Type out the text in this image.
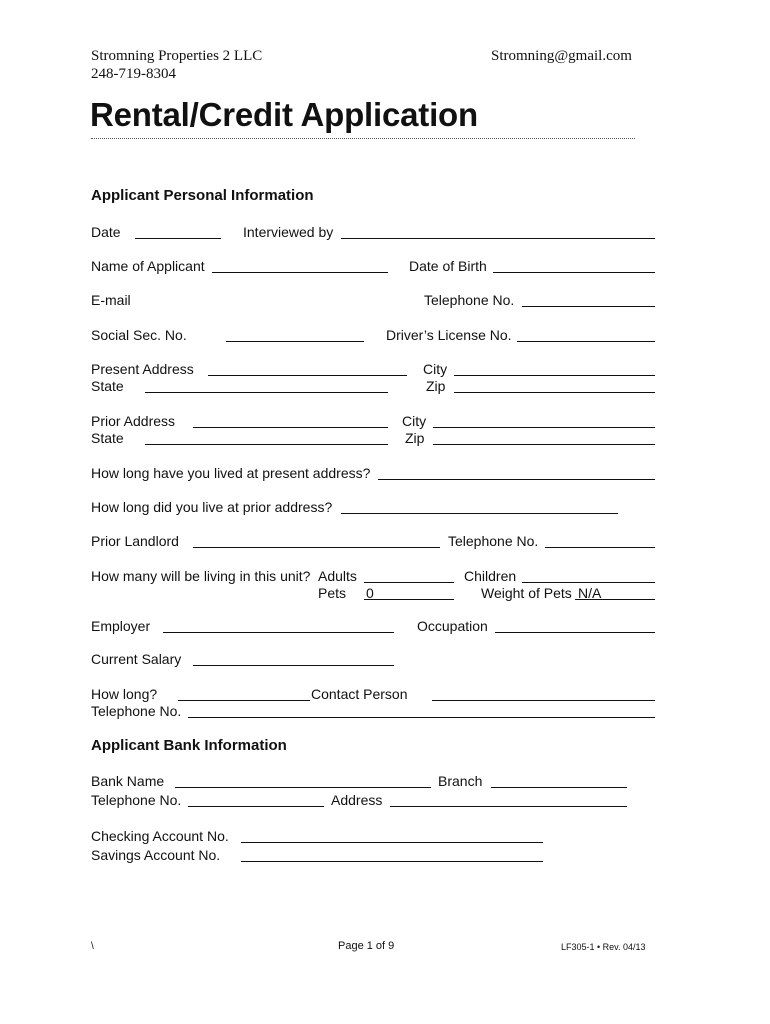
Stromning Properties 2 LLC
248-719-8304
Stromning@gmail.com
Rental/Credit Application
Applicant Personal Information
Date	Interviewed by
Name of Applicant	Date of Birth
E-mail	Telephone No.
Social Sec. No.	Driver’s License No.
Present Address	City
State	Zip
Prior Address	City
State	Zip
How long have you lived at present address?
How long did you live at prior address?
Prior Landlord	Telephone No.
How many will be living in this unit? Adults	Children
Pets 0	Weight of Pets N/A
Employer	Occupation
Current Salary
How long?	Contact Person
Telephone No.
Applicant Bank Information
Bank Name	Branch
Telephone No.	Address
Checking Account No.
Savings Account No.
\	Page 1 of 9	LF305-1 • Rev. 04/13
